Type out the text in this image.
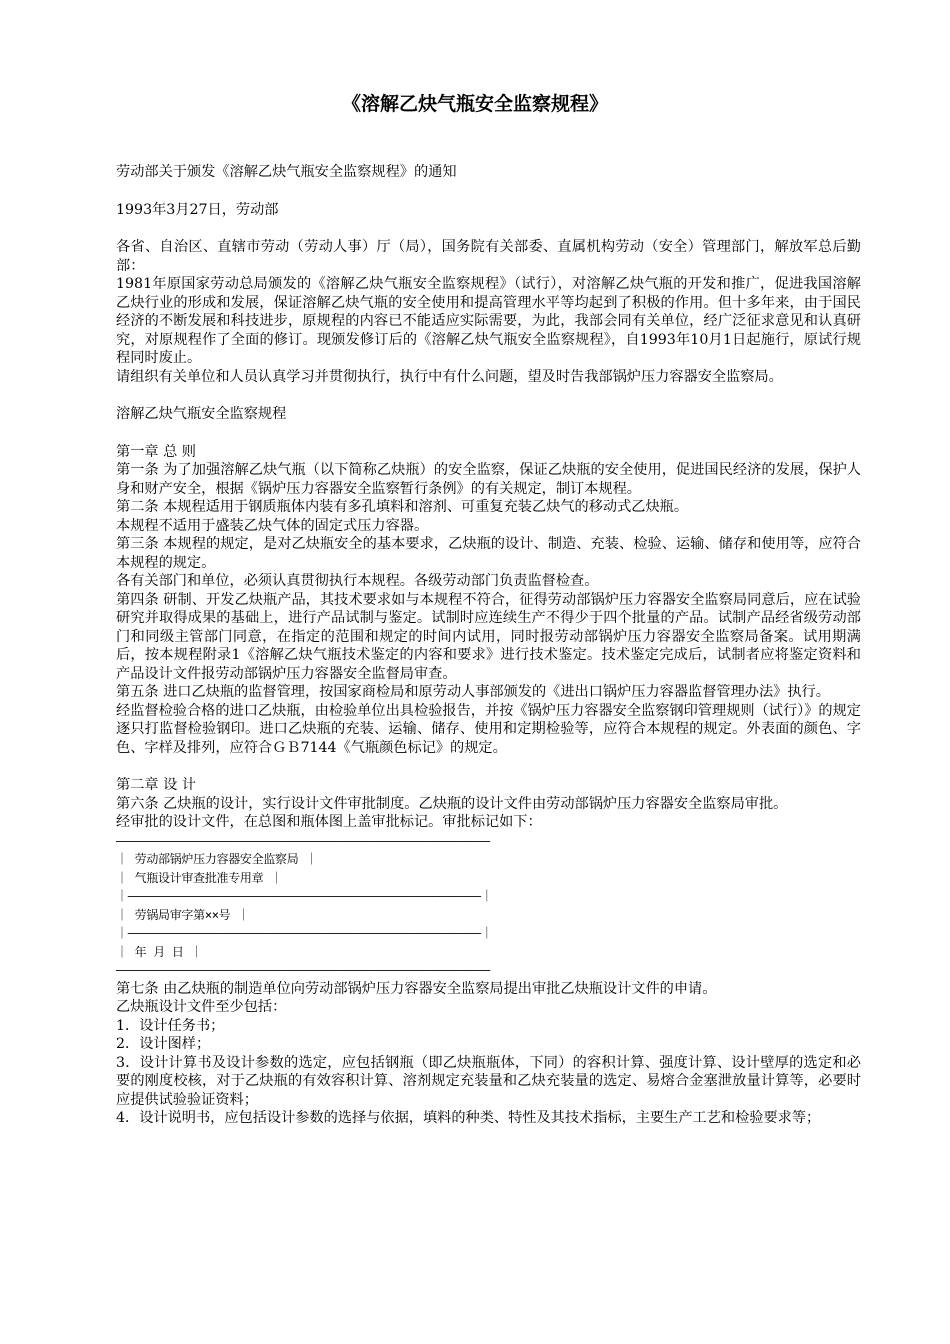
《溶解乙炔气瓶安全监察规程》

劳动部关于颁发《溶解乙炔气瓶安全监察规程》的通知

1993年3月27日，劳动部

各省、自治区、直辖市劳动（劳动人事）厅（局），国务院有关部委、直属机构劳动（安全）管理部门，解放军总后勤部：

1981年原国家劳动总局颁发的《溶解乙炔气瓶安全监察规程》（试行），对溶解乙炔气瓶的开发和推广，促进我国溶解乙炔行业的形成和发展，保证溶解乙炔气瓶的安全使用和提高管理水平等均起到了积极的作用。但十多年来，由于国民经济的不断发展和科技进步，原规程的内容已不能适应实际需要，为此，我部会同有关单位，经广泛征求意见和认真研究，对原规程作了全面的修订。现颁发修订后的《溶解乙炔气瓶安全监察规程》，自1993年10月1日起施行，原试行规程同时废止。

请组织有关单位和人员认真学习并贯彻执行，执行中有什么问题，望及时告我部锅炉压力容器安全监察局。

溶解乙炔气瓶安全监察规程

第一章 总 则

第一条 为了加强溶解乙炔气瓶（以下简称乙炔瓶）的安全监察，保证乙炔瓶的安全使用，促进国民经济的发展，保护人身和财产安全，根据《锅炉压力容器安全监察暂行条例》的有关规定，制订本规程。

第二条 本规程适用于钢质瓶体内装有多孔填料和溶剂、可重复充装乙炔气的移动式乙炔瓶。

本规程不适用于盛装乙炔气体的固定式压力容器。

第三条 本规程的规定，是对乙炔瓶安全的基本要求，乙炔瓶的设计、制造、充装、检验、运输、储存和使用等，应符合本规程的规定。

各有关部门和单位，必须认真贯彻执行本规程。各级劳动部门负责监督检查。

第四条 研制、开发乙炔瓶产品，其技术要求如与本规程不符合，征得劳动部锅炉压力容器安全监察局同意后，应在试验研究并取得成果的基础上，进行产品试制与鉴定。试制时应连续生产不得少于四个批量的产品。试制产品经省级劳动部门和同级主管部门同意，在指定的范围和规定的时间内试用，同时报劳动部锅炉压力容器安全监察局备案。试用期满后，按本规程附录1《溶解乙炔气瓶技术鉴定的内容和要求》进行技术鉴定。技术鉴定完成后，试制者应将鉴定资料和产品设计文件报劳动部锅炉压力容器安全监督局审查。

第五条 进口乙炔瓶的监督管理，按国家商检局和原劳动人事部颁发的《进出口锅炉压力容器监督管理办法》执行。

经监督检验合格的进口乙炔瓶，由检验单位出具检验报告，并按《锅炉压力容器安全监察钢印管理规则（试行）》的规定逐只打监督检验钢印。进口乙炔瓶的充装、运输、储存、使用和定期检验等，应符合本规程的规定。外表面的颜色、字色、字样及排列，应符合ＧＢ7144《气瓶颜色标记》的规定。

第二章 设 计

第六条 乙炔瓶的设计，实行设计文件审批制度。乙炔瓶的设计文件由劳动部锅炉压力容器安全监察局审批。

经审批的设计文件，在总图和瓶体图上盖审批标记。审批标记如下：

——————————————————————————————————————————————————————

｜ 劳动部锅炉压力容器安全监察局 ｜

｜ 气瓶设计审查批准专用章 ｜

｜———————————————————————————————————————————————————｜

｜ 劳锅局审字第××号 ｜

｜———————————————————————————————————————————————————｜

｜ 年 月 日 ｜

——————————————————————————————————————————————————————

第七条 由乙炔瓶的制造单位向劳动部锅炉压力容器安全监察局提出审批乙炔瓶设计文件的申请。

乙炔瓶设计文件至少包括：

1．设计任务书；

2．设计图样；

3．设计计算书及设计参数的选定，应包括钢瓶（即乙炔瓶瓶体，下同）的容积计算、强度计算、设计壁厚的选定和必要的刚度校核，对于乙炔瓶的有效容积计算、溶剂规定充装量和乙炔充装量的选定、易熔合金塞泄放量计算等，必要时应提供试验验证资料；

4．设计说明书，应包括设计参数的选择与依据，填料的种类、特性及其技术指标，主要生产工艺和检验要求等；
